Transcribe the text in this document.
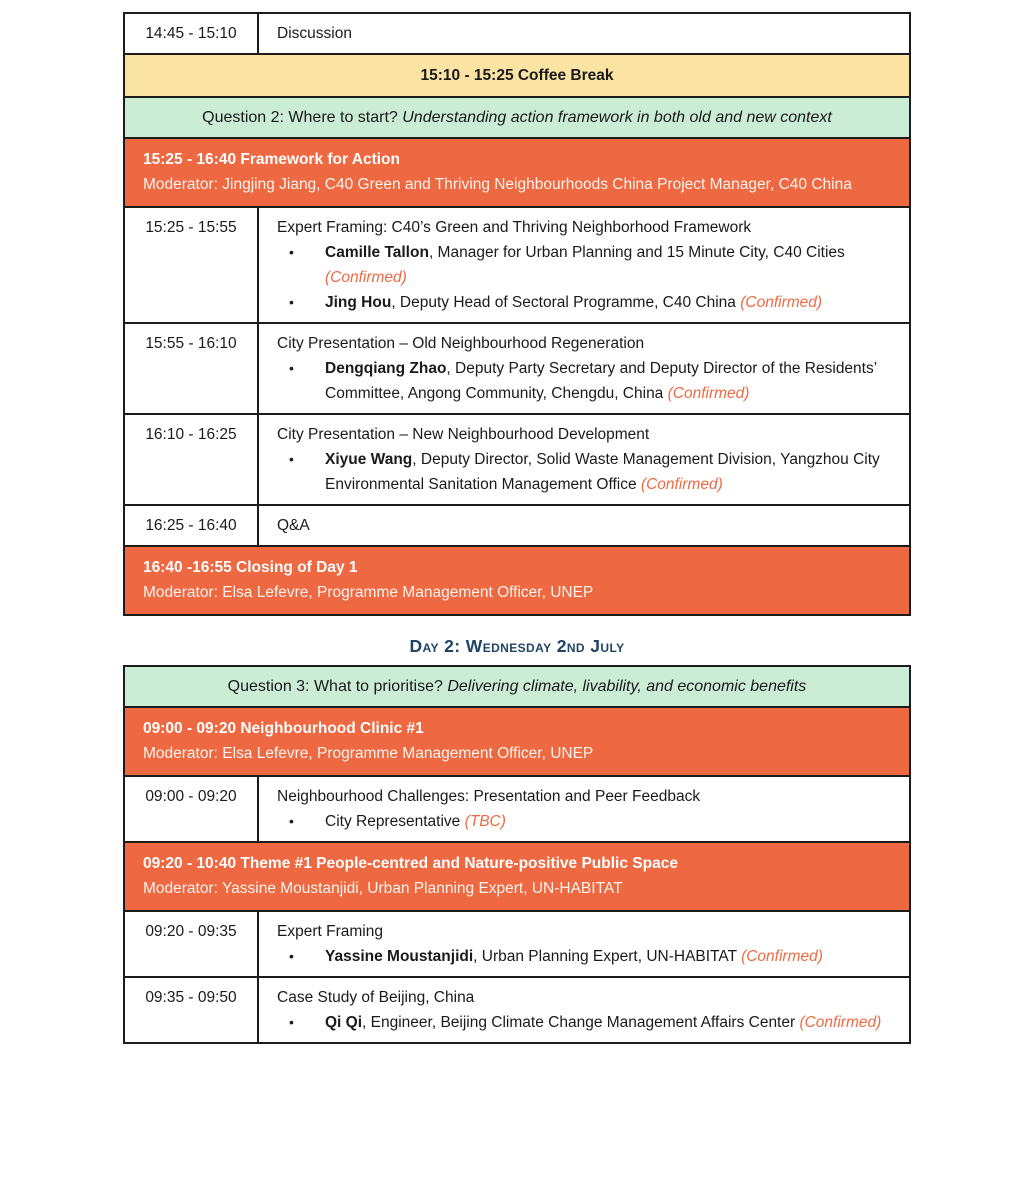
14:45 - 15:10	Discussion
15:10 - 15:25 Coffee Break
Question 2: Where to start? Understanding action framework in both old and new context
15:25 - 16:40 Framework for Action
Moderator: Jingjing Jiang, C40 Green and Thriving Neighbourhoods China Project Manager, C40 China
15:25 - 15:55	Expert Framing: C40’s Green and Thriving Neighborhood Framework
• Camille Tallon, Manager for Urban Planning and 15 Minute City, C40 Cities (Confirmed)
• Jing Hou, Deputy Head of Sectoral Programme, C40 China (Confirmed)
15:55 - 16:10	City Presentation – Old Neighbourhood Regeneration
• Dengqiang Zhao, Deputy Party Secretary and Deputy Director of the Residents’ Committee, Angong Community, Chengdu, China (Confirmed)
16:10 - 16:25	City Presentation – New Neighbourhood Development
• Xiyue Wang, Deputy Director, Solid Waste Management Division, Yangzhou City Environmental Sanitation Management Office (Confirmed)
16:25 - 16:40	Q&A
16:40 -16:55 Closing of Day 1
Moderator: Elsa Lefevre, Programme Management Officer, UNEP
Day 2: Wednesday 2nd July
Question 3: What to prioritise? Delivering climate, livability, and economic benefits
09:00 - 09:20 Neighbourhood Clinic #1
Moderator: Elsa Lefevre, Programme Management Officer, UNEP
09:00 - 09:20	Neighbourhood Challenges: Presentation and Peer Feedback
• City Representative (TBC)
09:20 - 10:40 Theme #1 People-centred and Nature-positive Public Space
Moderator: Yassine Moustanjidi, Urban Planning Expert, UN-HABITAT
09:20 - 09:35	Expert Framing
• Yassine Moustanjidi, Urban Planning Expert, UN-HABITAT (Confirmed)
09:35 - 09:50	Case Study of Beijing, China
• Qi Qi, Engineer, Beijing Climate Change Management Affairs Center (Confirmed)
